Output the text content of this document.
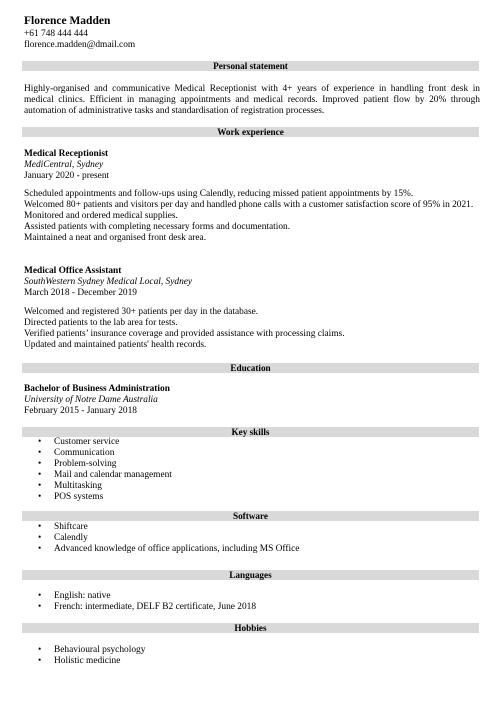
Florence Madden
+61 748 444 444
florence.madden@dmail.com
Personal statement
Highly-organised and communicative Medical Receptionist with 4+ years of experience in handling front desk in medical clinics. Efficient in managing appointments and medical records. Improved patient flow by 20% through automation of administrative tasks and standardisation of registration processes.
Work experience
Medical Receptionist
MediCentral, Sydney
January 2020 - present
Scheduled appointments and follow-ups using Calendly, reducing missed patient appointments by 15%.
Welcomed 80+ patients and visitors per day and handled phone calls with a customer satisfaction score of 95% in 2021.
Monitored and ordered medical supplies.
Assisted patients with completing necessary forms and documentation.
Maintained a neat and organised front desk area.
Medical Office Assistant
SouthWestern Sydney Medical Local, Sydney
March 2018 - December 2019
Welcomed and registered 30+ patients per day in the database.
Directed patients to the lab area for tests.
Verified patients’ insurance coverage and provided assistance with processing claims.
Updated and maintained patients' health records.
Education
Bachelor of Business Administration
University of Notre Dame Australia
February 2015 - January 2018
Key skills
• Customer service
• Communication
• Problem-solving
• Mail and calendar management
• Multitasking
• POS systems
Software
• Shiftcare
• Calendly
• Advanced knowledge of office applications, including MS Office
Languages
• English: native
• French: intermediate, DELF B2 certificate, June 2018
Hobbies
• Behavioural psychology
• Holistic medicine
